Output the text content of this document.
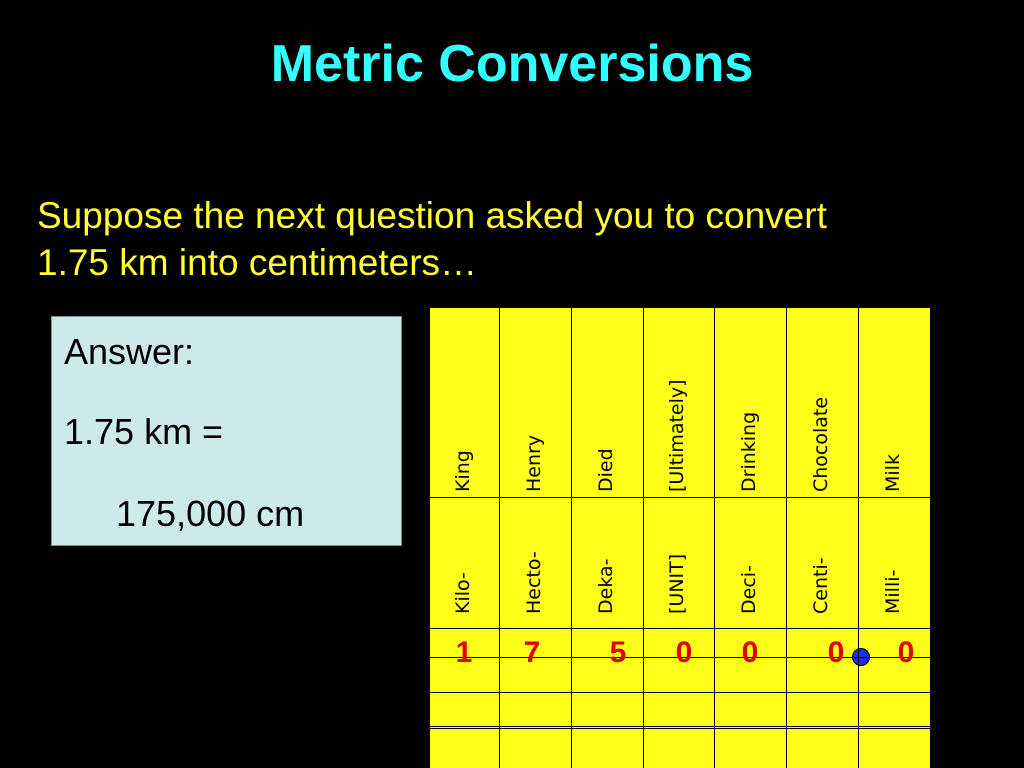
Metric Conversions
Suppose the next question asked you to convert
1.75 km into centimeters…
Answer:
1.75 km =
175,000 cm
King	Henry	Died	[Ultimately]	Drinking	Chocolate	Milk
Kilo-	Hecto-	Deka-	[UNIT]	Deci-	Centi-	Milli-
1	7	5	0	0	0	0
